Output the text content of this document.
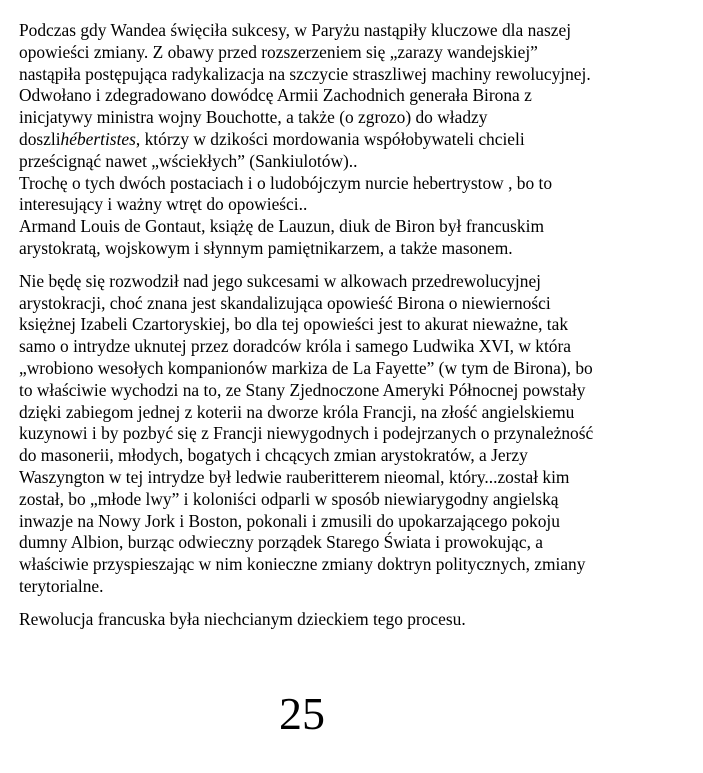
Podczas gdy Wandea święciła sukcesy, w Paryżu nastąpiły kluczowe dla naszej
opowieści zmiany. Z obawy przed rozszerzeniem się „zarazy wandejskiej”
nastąpiła postępująca radykalizacja na szczycie straszliwej machiny rewolucyjnej.
Odwołano i zdegradowano dowódcę Armii Zachodnich generała Birona z
inicjatywy ministra wojny Bouchotte, a także (o zgrozo) do władzy
doszlihébertistes, którzy w dzikości mordowania współobywateli chcieli
prześcignąć nawet „wściekłych” (Sankiulotów)..
Trochę o tych dwóch postaciach i o ludobójczym nurcie hebertrystow , bo to
interesujący i ważny wtręt do opowieści..
Armand Louis de Gontaut, książę de Lauzun, diuk de Biron był francuskim
arystokratą, wojskowym i słynnym pamiętnikarzem, a także masonem.

Nie będę się rozwodził nad jego sukcesami w alkowach przedrewolucyjnej
arystokracji, choć znana jest skandalizująca opowieść Birona o niewierności
księżnej Izabeli Czartoryskiej, bo dla tej opowieści jest to akurat nieważne, tak
samo o intrydze uknutej przez doradców króla i samego Ludwika XVI, w która
„wrobiono wesołych kompanionów markiza de La Fayette” (w tym de Birona), bo
to właściwie wychodzi na to, ze Stany Zjednoczone Ameryki Północnej powstały
dzięki zabiegom jednej z koterii na dworze króla Francji, na złość angielskiemu
kuzynowi i by pozbyć się z Francji niewygodnych i podejrzanych o przynależność
do masonerii, młodych, bogatych i chcących zmian arystokratów, a Jerzy
Waszyngton w tej intrydze był ledwie rauberitterem nieomal, który...został kim
został, bo „młode lwy” i koloniści odparli w sposób niewiarygodny angielską
inwazje na Nowy Jork i Boston, pokonali i zmusili do upokarzającego pokoju
dumny Albion, burząc odwieczny porządek Starego Świata i prowokując, a
właściwie przyspieszając w nim konieczne zmiany doktryn politycznych, zmiany
terytorialne.

Rewolucja francuska była niechcianym dzieckiem tego procesu.

25
